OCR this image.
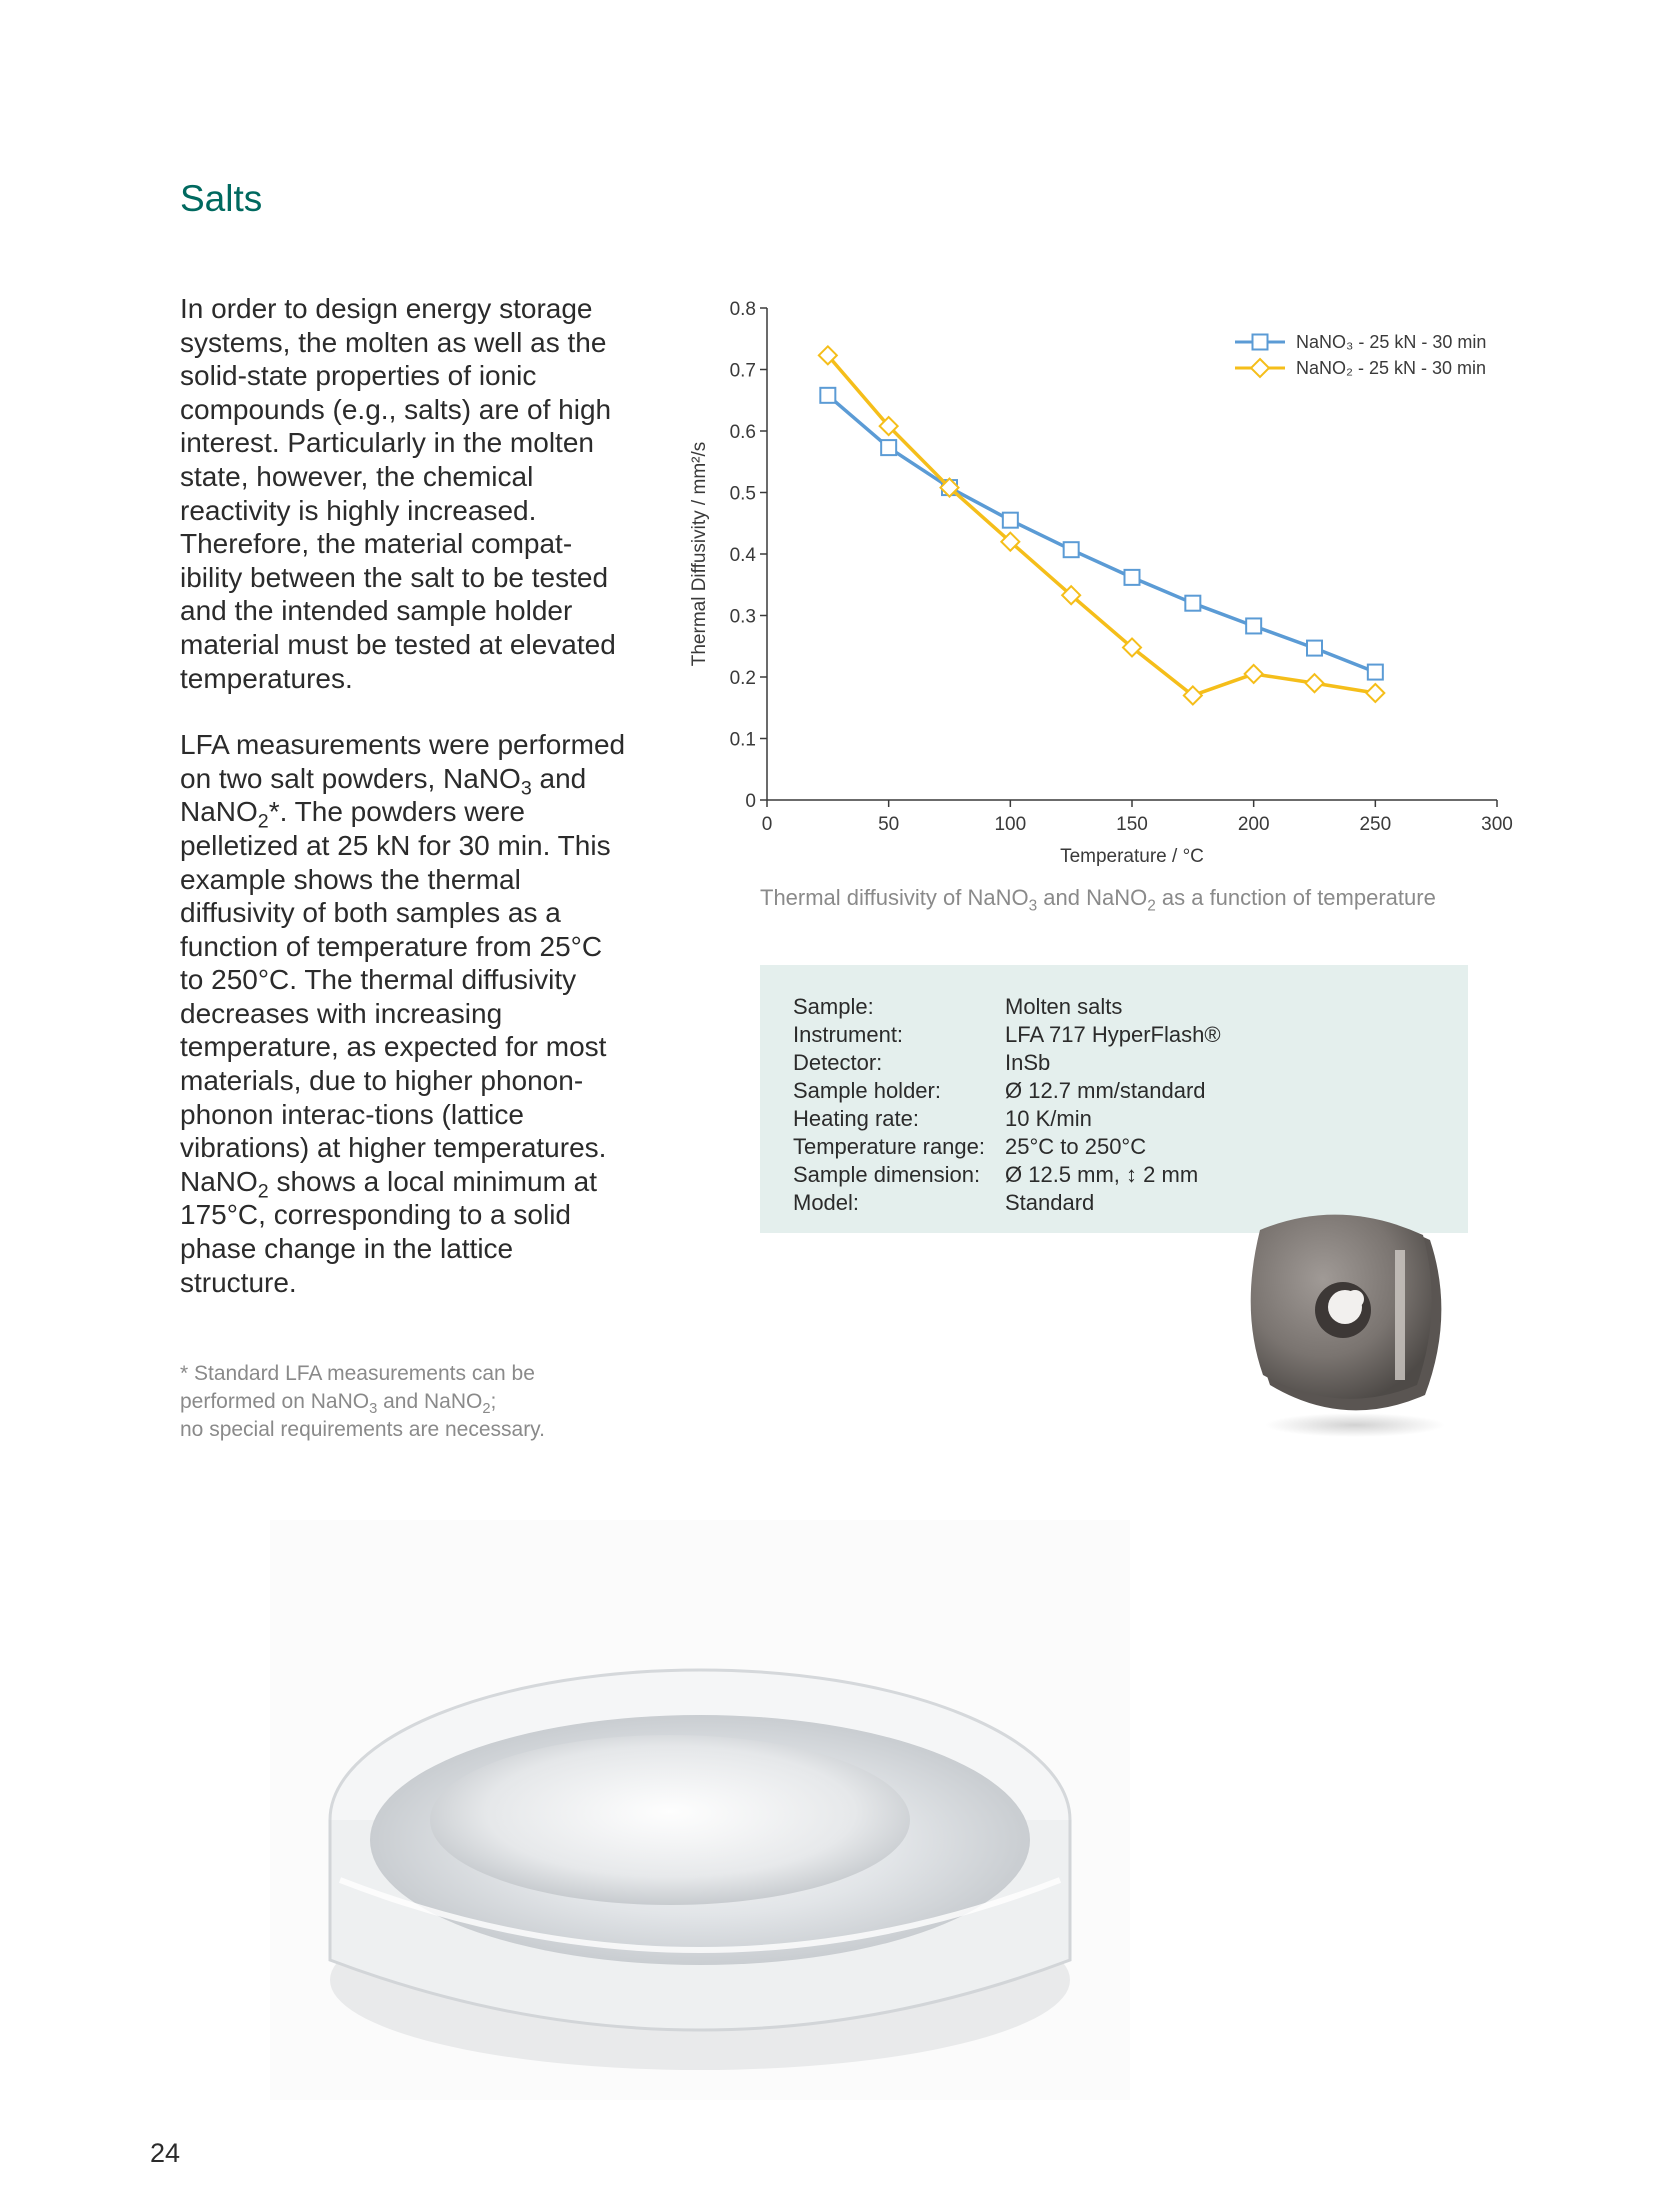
Salts

In order to design energy storage systems, the molten as well as the solid-state properties of ionic compounds (e.g., salts) are of high interest. Particularly in the molten state, however, the chemical reactivity is highly increased. Therefore, the material compat-ibility between the salt to be tested and the intended sample holder material must be tested at elevated temperatures.

LFA measurements were performed on two salt powders, NaNO$_3$ and NaNO$_2$*. The powders were pelletized at 25 kN for 30 min. This example shows the thermal diffusivity of both samples as a function of temperature from 25°C to 250°C. The thermal diffusivity decreases with increasing temperature, as expected for most materials, due to higher phonon-phonon interac-tions (lattice vibrations) at higher temperatures. NaNO$_2$ shows a local minimum at 175°C, corresponding to a solid phase change in the lattice structure.

* Standard LFA measurements can be performed on NaNO$_3$ and NaNO$_2$;
no special requirements are necessary.
0	50	100	150	200	250	300
0
0.1
0.2
0.3
0.4
0.5
0.6
0.7
0.8
Temperature / °C
Thermal Diffusivity / mm²/s
NaNO₃ - 25 kN - 30 min
NaNO₂ - 25 kN - 30 min

Thermal diffusivity of NaNO$_3$ and NaNO$_2$ as a function of temperature

Sample:	Molten salts
Instrument:	LFA 717 HyperFlash®
Detector:	InSb
Sample holder:	Ø 12.7 mm/standard
Heating rate:	10 K/min
Temperature range: 25°C to 250°C
Sample dimension: Ø 12.5 mm, ↕ 2 mm
Model:	Standard

24
